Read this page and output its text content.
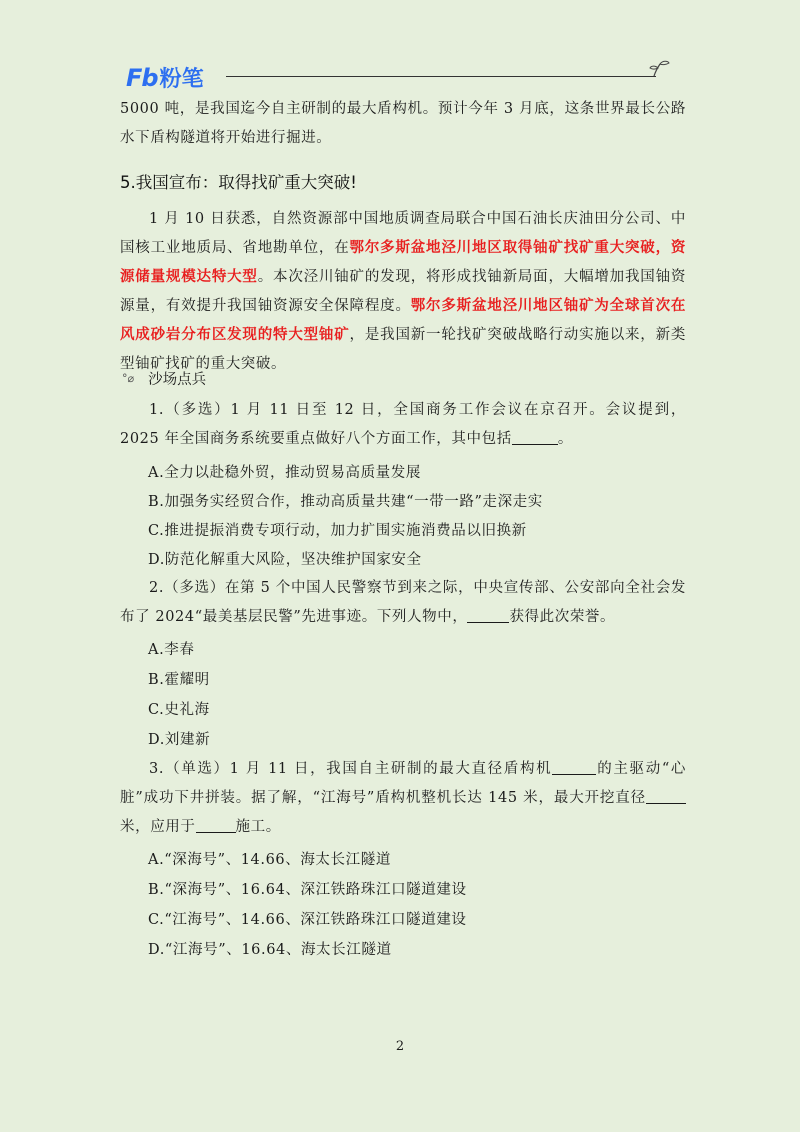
Fb 粉笔

5000 吨，是我国迄今自主研制的最大盾构机。预计今年 3 月底，这条世界最长公路水下盾构隧道将开始进行掘进。

5.我国宣布：取得找矿重大突破!

1 月 10 日获悉，自然资源部中国地质调查局联合中国石油长庆油田分公司、中国核工业地质局、省地勘单位，在鄂尔多斯盆地泾川地区取得铀矿找矿重大突破，资源储量规模达特大型。本次泾川铀矿的发现，将形成找铀新局面，大幅增加我国铀资源量，有效提升我国铀资源安全保障程度。鄂尔多斯盆地泾川地区铀矿为全球首次在风成砂岩分布区发现的特大型铀矿，是我国新一轮找矿突破战略行动实施以来，新类型铀矿找矿的重大突破。

°⌀ 沙场点兵

1.（多选）1 月 11 日至 12 日，全国商务工作会议在京召开。会议提到，2025 年全国商务系统要重点做好八个方面工作，其中包括	。

A.全力以赴稳外贸，推动贸易高质量发展

B.加强务实经贸合作，推动高质量共建“一带一路”走深走实

C.推进提振消费专项行动，加力扩围实施消费品以旧换新

D.防范化解重大风险，坚决维护国家安全

2.（多选）在第 5 个中国人民警察节到来之际，中央宣传部、公安部向全社会发布了 2024“最美基层民警”先进事迹。下列人物中，	获得此次荣誉。

A.李春

B.霍耀明

C.史礼海

D.刘建新

3.（单选）1 月 11 日，我国自主研制的最大直径盾构机	的主驱动“心脏”成功下井拼装。据了解，“江海号”盾构机整机长达 145 米，最大开挖直径米，应用于	施工。

A.“深海号”、14.66、海太长江隧道

B.“深海号”、16.64、深江铁路珠江口隧道建设

C.“江海号”、14.66、深江铁路珠江口隧道建设

D.“江海号”、16.64、海太长江隧道

2
